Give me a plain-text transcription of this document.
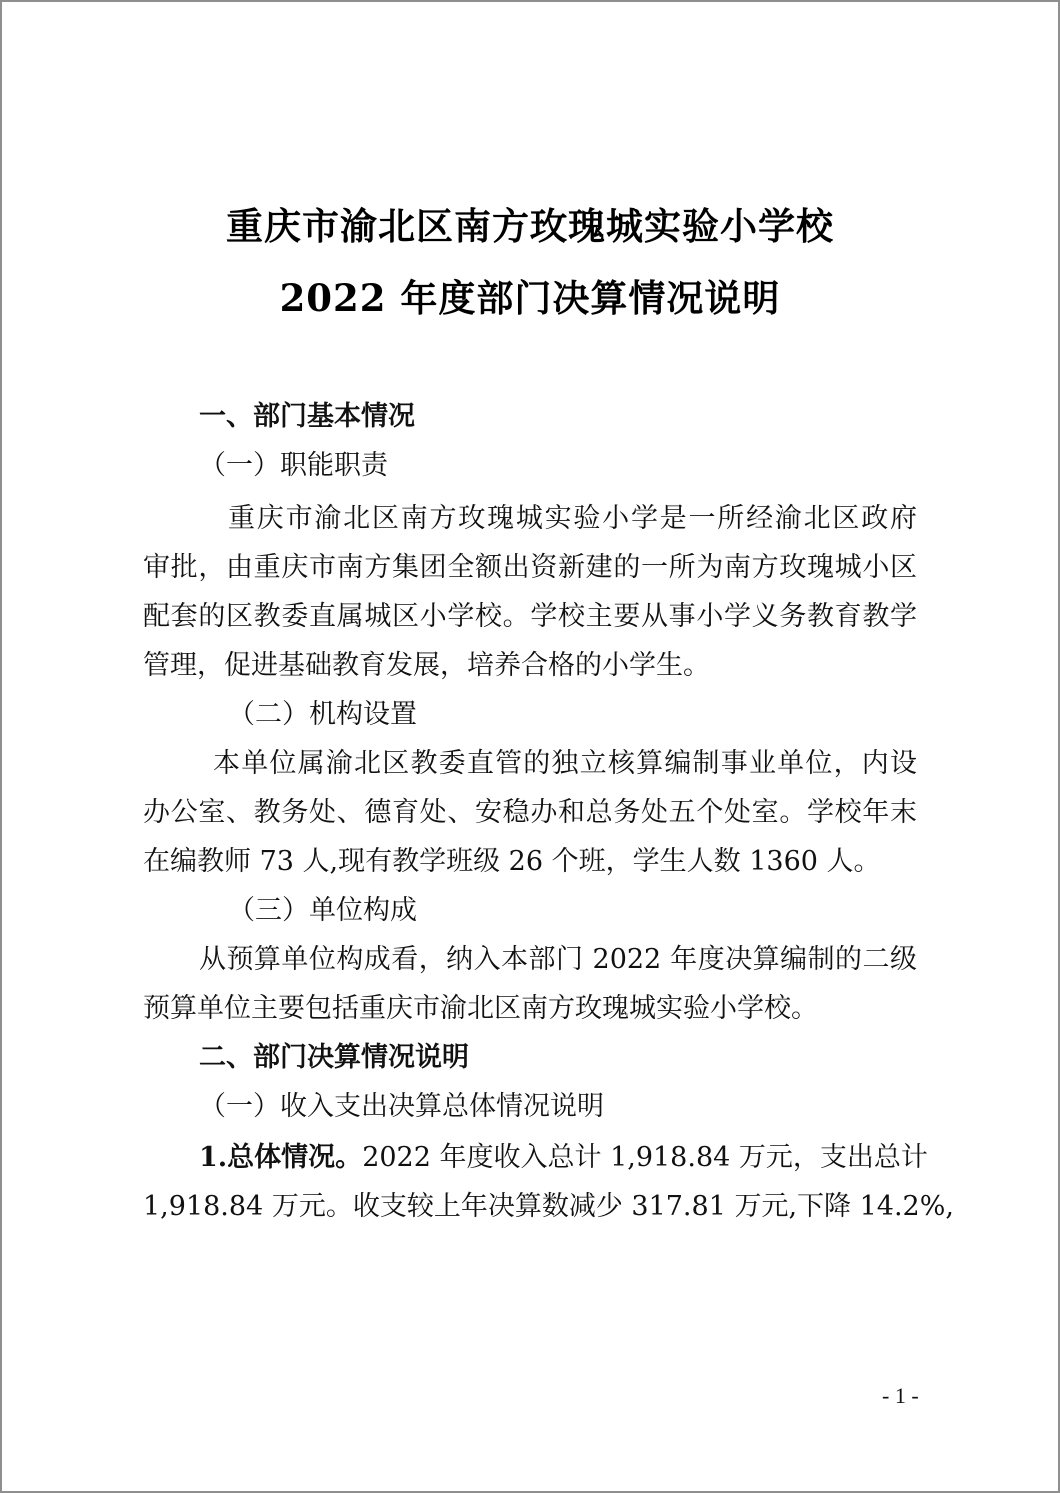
重庆市渝北区南方玫瑰城实验小学校
2022 年度部门决算情况说明
一、部门基本情况
（一）职能职责
重庆市渝北区南方玫瑰城实验小学是一所经渝北区政府
审批，由重庆市南方集团全额出资新建的一所为南方玫瑰城小区
配套的区教委直属城区小学校。学校主要从事小学义务教育教学
管理，促进基础教育发展，培养合格的小学生。
（二）机构设置
本单位属渝北区教委直管的独立核算编制事业单位，内设
办公室、教务处、德育处、安稳办和总务处五个处室。学校年末
在编教师 73 人,现有教学班级 26 个班，学生人数 1360 人。
（三）单位构成
从预算单位构成看，纳入本部门 2022 年度决算编制的二级
预算单位主要包括重庆市渝北区南方玫瑰城实验小学校。
二、部门决算情况说明
（一）收入支出决算总体情况说明
1.总体情况。 2022 年度收入总计 1,918.84 万元，支出总计
1,918.84 万元。收支较上年决算数减少 317.81 万元,下降 14.2%,
- 1 -
